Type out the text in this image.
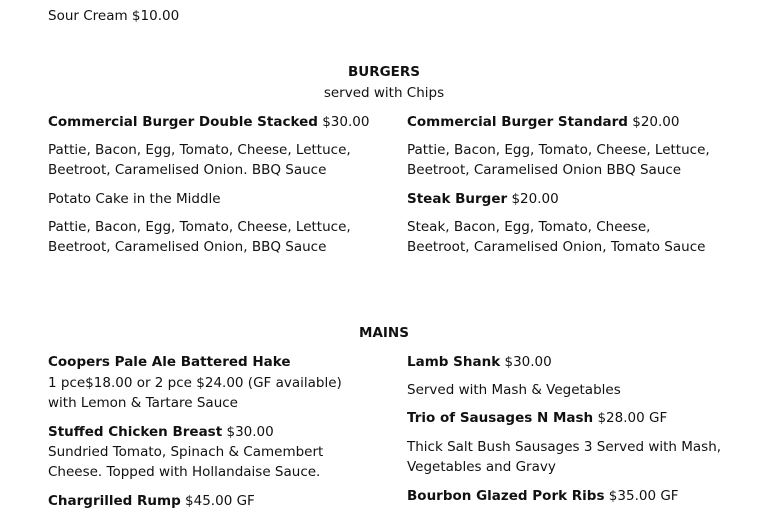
Sour Cream $10.00
BURGERS
served with Chips
Commercial Burger Double Stacked $30.00
Pattie, Bacon, Egg, Tomato, Cheese, Lettuce,
Beetroot, Caramelised Onion. BBQ Sauce
Potato Cake in the Middle
Pattie, Bacon, Egg, Tomato, Cheese, Lettuce,
Beetroot, Caramelised Onion, BBQ Sauce
Commercial Burger Standard $20.00
Pattie, Bacon, Egg, Tomato, Cheese, Lettuce,
Beetroot, Caramelised Onion BBQ Sauce
Steak Burger $20.00
Steak, Bacon, Egg, Tomato, Cheese,
Beetroot, Caramelised Onion, Tomato Sauce
MAINS
Coopers Pale Ale Battered Hake
1 pce$18.00 or 2 pce $24.00 (GF available)
with Lemon & Tartare Sauce
Stuffed Chicken Breast $30.00
Sundried Tomato, Spinach & Camembert
Cheese. Topped with Hollandaise Sauce.
Chargrilled Rump $45.00 GF
Lamb Shank $30.00
Served with Mash & Vegetables
Trio of Sausages N Mash $28.00 GF
Thick Salt Bush Sausages 3 Served with Mash,
Vegetables and Gravy
Bourbon Glazed Pork Ribs $35.00 GF
